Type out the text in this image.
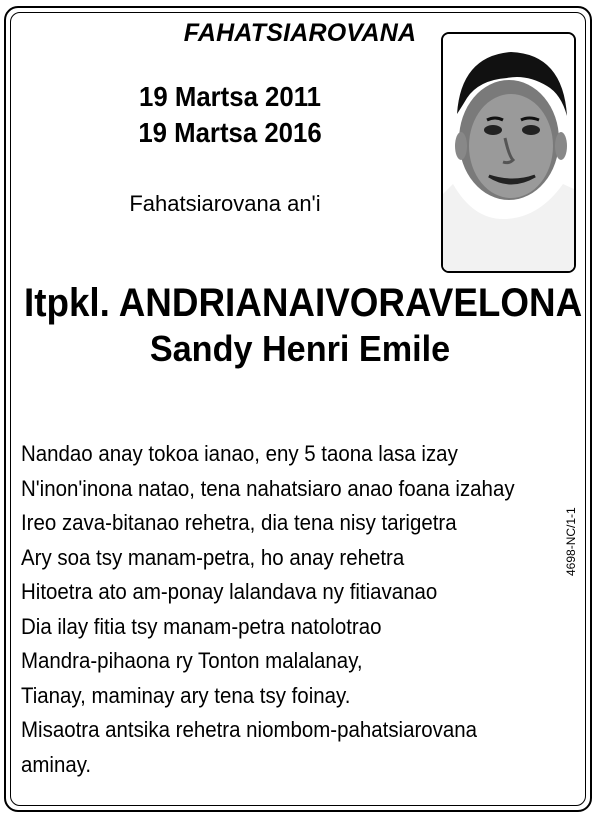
FAHATSIAROVANA
19 Martsa 2011
19 Martsa 2016
Fahatsiarovana an'i
Itpkl. ANDRIANAIVORAVELONA
Sandy Henri Emile
Nandao anay tokoa ianao, eny 5 taona lasa izay
N'inon'inona natao, tena nahatsiaro anao foana izahay
Ireo zava-bitanao rehetra, dia tena nisy tarigetra
Ary soa tsy manam-petra, ho anay rehetra
Hitoetra ato am-ponay lalandava ny fitiavanao
Dia ilay fitia tsy manam-petra natolotrao
Mandra-pihaona ry Tonton malalanay,
Tianay, maminay ary tena tsy foinay.
Misaotra antsika rehetra niombom-pahatsiarovana
aminay.
4698-NC/1-1
